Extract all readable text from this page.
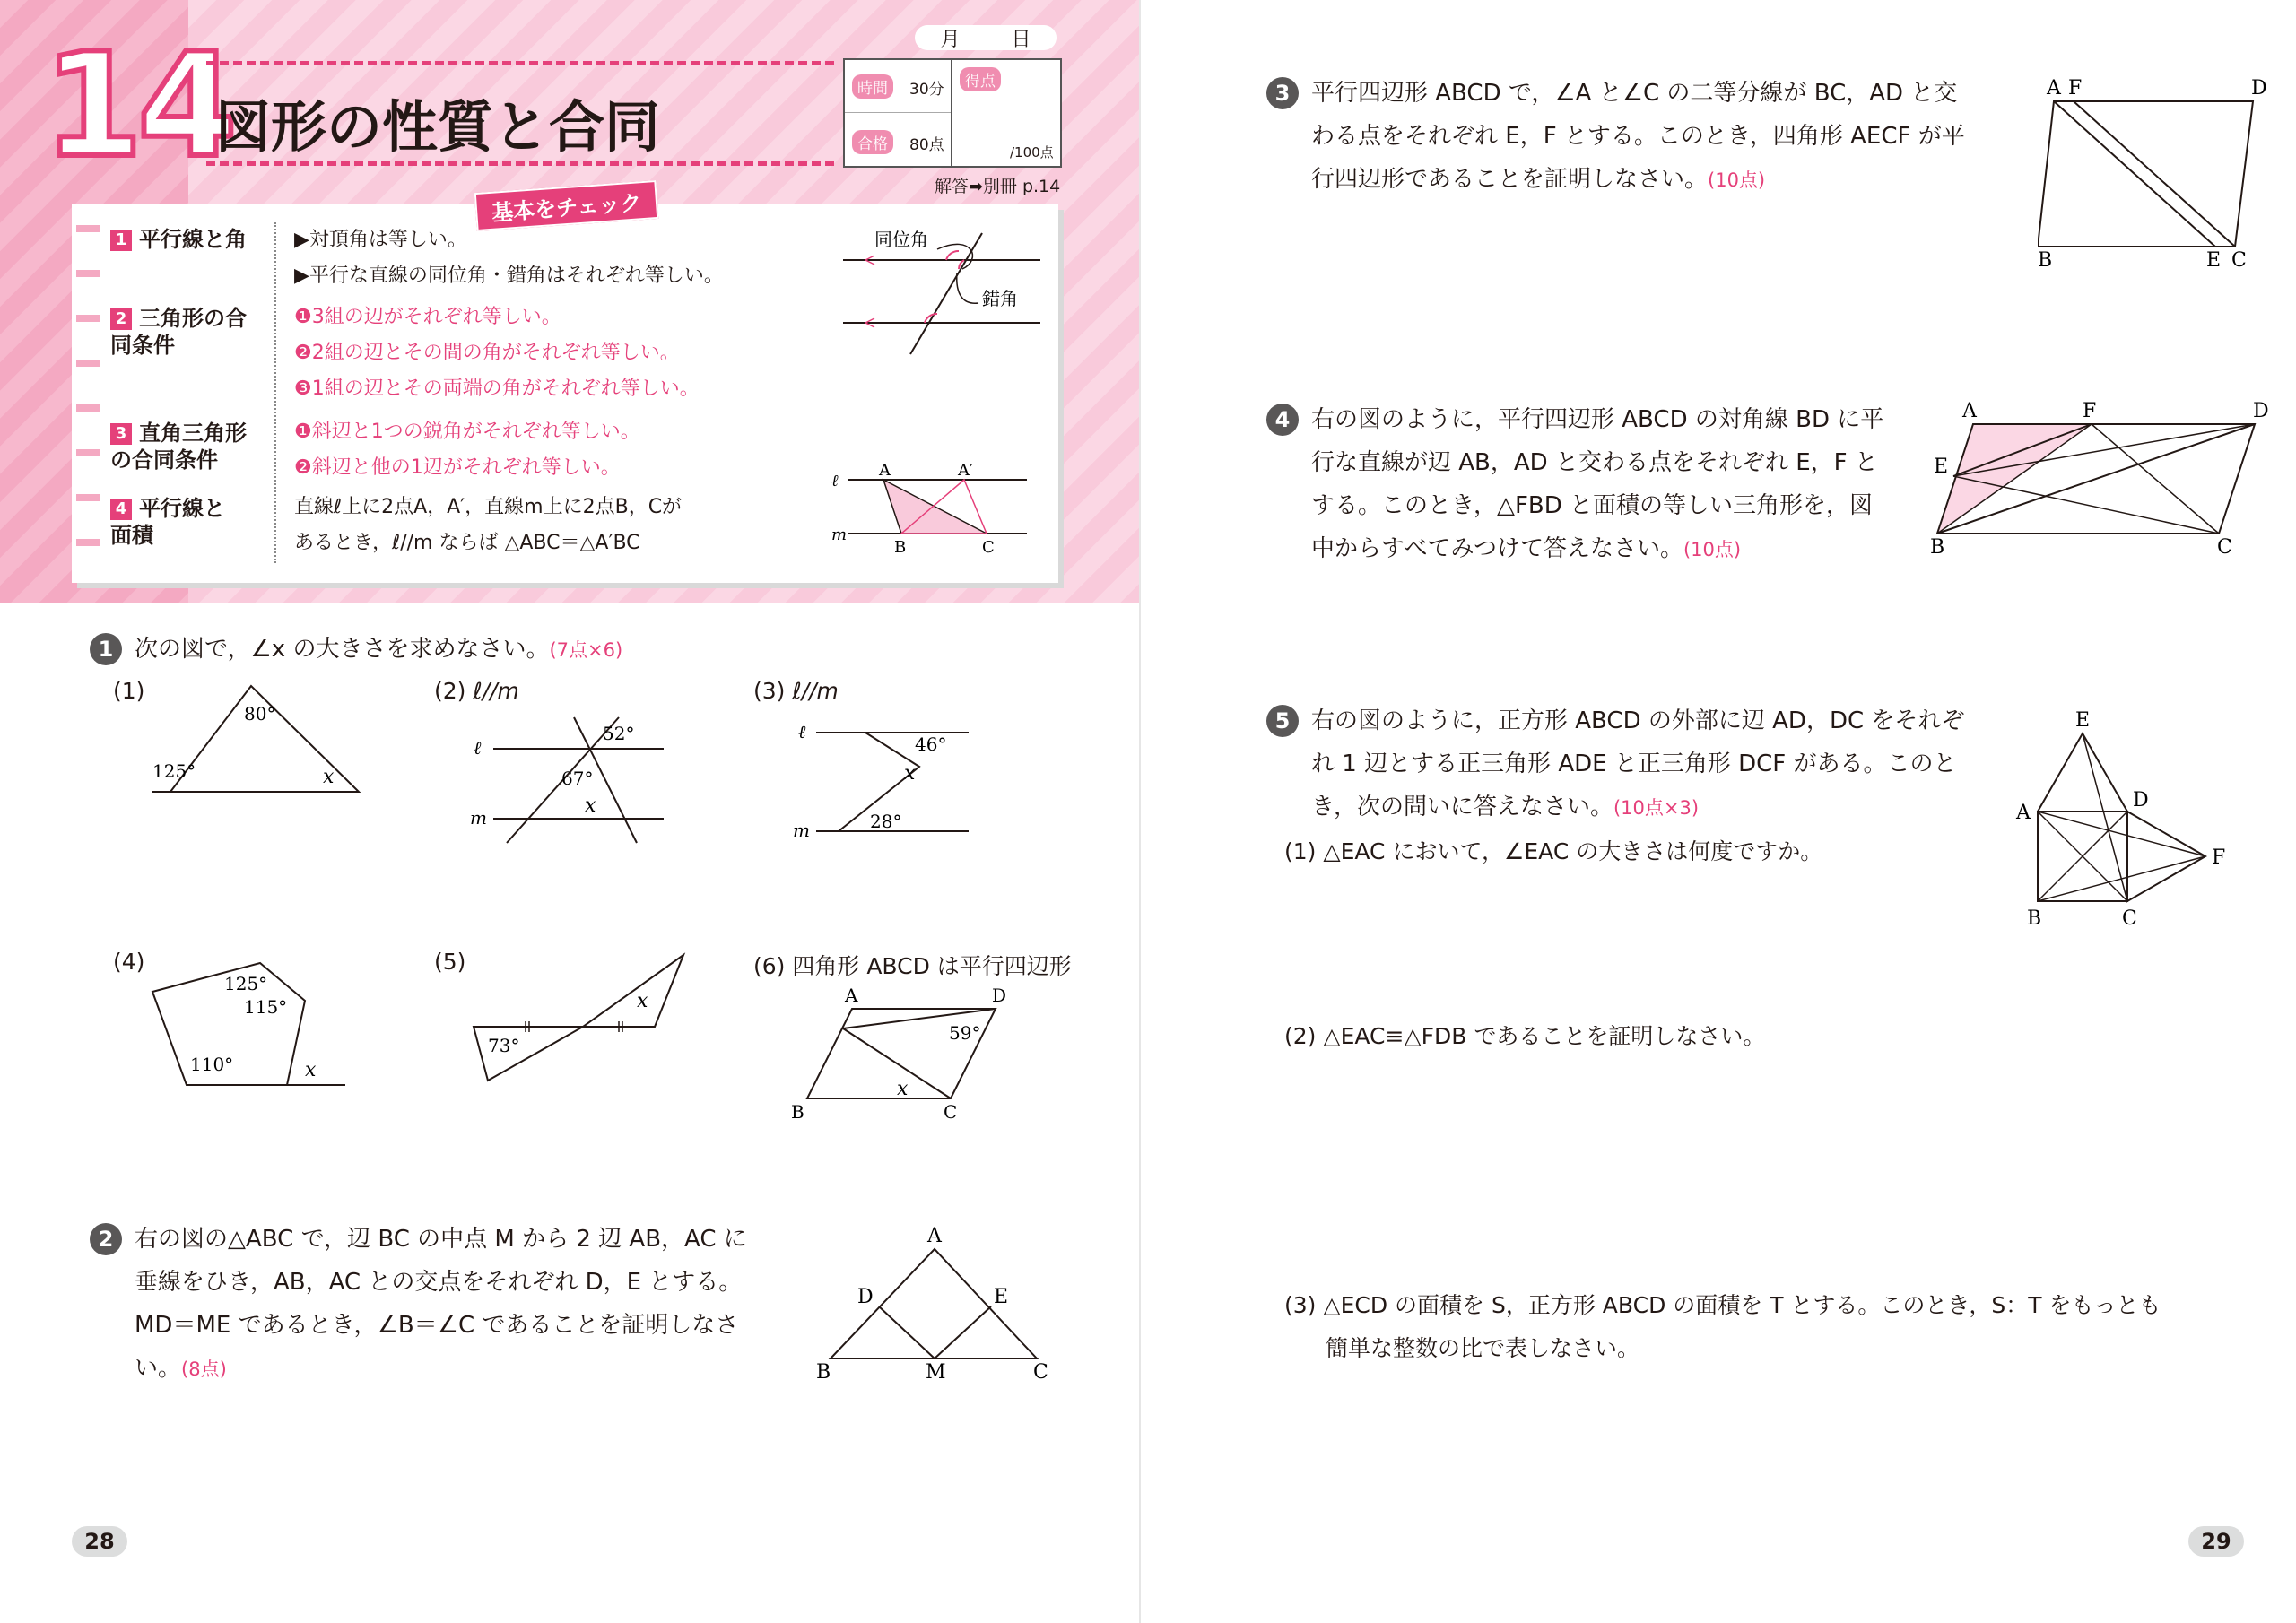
14
図形の性質と合同
月	日
時間	30分
合格	80点
得点
/100点
解答➡別冊 p.14
基本をチェック
1 平行線と角 ▶対頂角は等しい。
▶平行な直線の同位角・錯角はそれぞれ等しい。
2 三角形の合同条件
❶3組の辺がそれぞれ等しい。
❷2組の辺とその間の角がそれぞれ等しい。
❸1組の辺とその両端の角がそれぞれ等しい。
3 直角三角形の合同条件
❶斜辺と1つの鋭角がそれぞれ等しい。
❷斜辺と他の1辺がそれぞれ等しい。
4 平行線と面積
直線ℓ上に2点A，A′，直線m上に2点B，Cが
あるとき，ℓ//m ならば △ABC＝△A′BC
同位角
錯角
ℓ
m
A	A′
B	C
1 次の図で，∠x の大きさを求めなさい。(7点×6)
(1)
80°
125°	x
(2) ℓ//m
52°
67°
x
ℓ
m
(3) ℓ//m
46°
x
28°
ℓ
m
(4)
125°
115°
110°	x
(5)
73°
x
(6) 四角形 ABCD は平行四辺形
A	D
59°
x
B	C
2 右の図の△ABC で，辺 BC の中点 M から 2 辺 AB，AC に
垂線をひき，AB，AC との交点をそれぞれ D，E とする。
MD＝ME であるとき，∠B＝∠C であることを証明しなさ
い。(8点)
A
D	E
B	M	C
28
3 平行四辺形 ABCD で，∠A と∠C の二等分線が BC，AD と交
わる点をそれぞれ E，F とする。このとき，四角形 AECF が平
行四辺形であることを証明しなさい。(10点)
A F	D
B	E C
4 右の図のように，平行四辺形 ABCD の対角線 BD に平
行な直線が辺 AB，AD と交わる点をそれぞれ E，F と
する。このとき，△FBD と面積の等しい三角形を，図
中からすべてみつけて答えなさい。(10点)
A	F	D
E
B	C
5 右の図のように，正方形 ABCD の外部に辺 AD，DC をそれぞ
れ 1 辺とする正三角形 ADE と正三角形 DCF がある。このと
き，次の問いに答えなさい。(10点×3)
E
A
D
F
B	C
(1) △EAC において，∠EAC の大きさは何度ですか。
(2) △EAC≡△FDB であることを証明しなさい。
(3) △ECD の面積を S，正方形 ABCD の面積を T とする。このとき，S：T をもっとも
簡単な整数の比で表しなさい。
29
